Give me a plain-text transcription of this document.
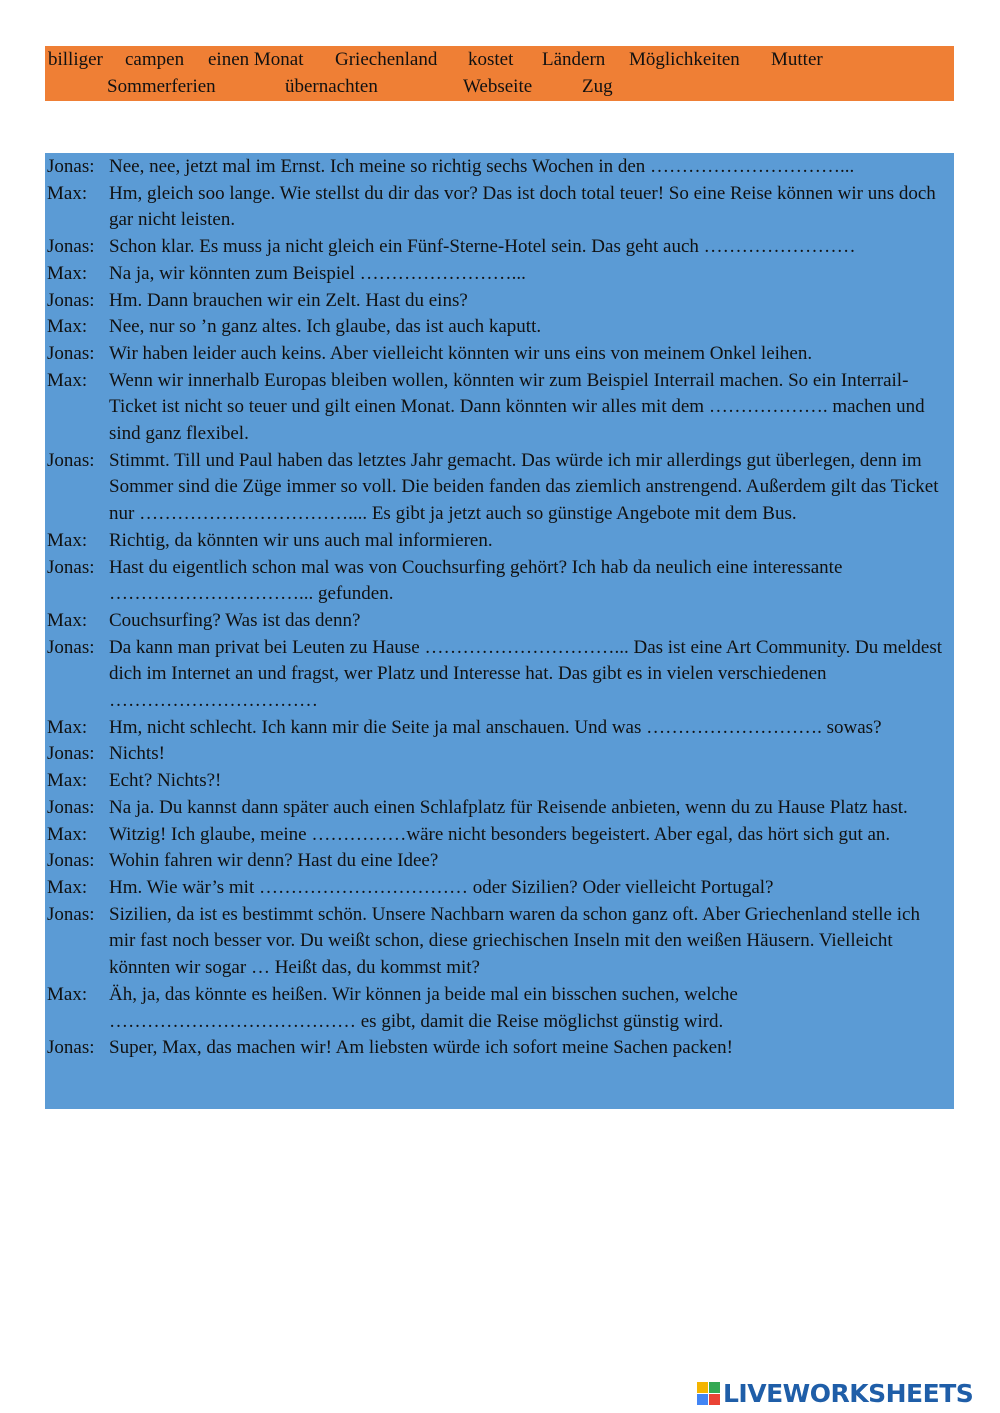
billiger campen einen Monat Griechenland kostet Ländern Möglichkeiten Mutter
Sommerferien	übernachten	Webseite	Zug
Jonas: Nee, nee, jetzt mal im Ernst. Ich meine so richtig sechs Wochen in den …………………………...
Max:	Hm, gleich soo lange. Wie stellst du dir das vor? Das ist doch total teuer! So eine Reise können wir uns doch gar nicht leisten.
Jonas: Schon klar. Es muss ja nicht gleich ein Fünf-Sterne-Hotel sein. Das geht auch ……………………
Max:	Na ja, wir könnten zum Beispiel ……………………...
Jonas: Hm. Dann brauchen wir ein Zelt. Hast du eins?
Max:	Nee, nur so ’n ganz altes. Ich glaube, das ist auch kaputt.
Jonas: Wir haben leider auch keins. Aber vielleicht könnten wir uns eins von meinem Onkel leihen.
Max:	Wenn wir innerhalb Europas bleiben wollen, könnten wir zum Beispiel Interrail machen. So ein Interrail-Ticket ist nicht so teuer und gilt einen Monat. Dann könnten wir alles mit dem ………………. machen und sind ganz flexibel.
Jonas: Stimmt. Till und Paul haben das letztes Jahr gemacht. Das würde ich mir allerdings gut überlegen, denn im Sommer sind die Züge immer so voll. Die beiden fanden das ziemlich anstrengend. Außerdem gilt das Ticket nur …………………………….... Es gibt ja jetzt auch so günstige Angebote mit dem Bus.
Max:	Richtig, da könnten wir uns auch mal informieren.
Jonas: Hast du eigentlich schon mal was von Couchsurfing gehört? Ich hab da neulich eine interessante …………………………... gefunden.
Max:	Couchsurfing? Was ist das denn?
Jonas: Da kann man privat bei Leuten zu Hause …………………………... Das ist eine Art Community. Du meldest dich im Internet an und fragst, wer Platz und Interesse hat. Das gibt es in vielen verschiedenen ……………………………
Max:	Hm, nicht schlecht. Ich kann mir die Seite ja mal anschauen. Und was ………………………. sowas?
Jonas: Nichts!
Max:	Echt? Nichts?!
Jonas: Na ja. Du kannst dann später auch einen Schlafplatz für Reisende anbieten, wenn du zu Hause Platz hast.
Max:	Witzig! Ich glaube, meine ……………wäre nicht besonders begeistert. Aber egal, das hört sich gut an.
Jonas: Wohin fahren wir denn? Hast du eine Idee?
Max:	Hm. Wie wär’s mit …………………………… oder Sizilien? Oder vielleicht Portugal?
Jonas: Sizilien, da ist es bestimmt schön. Unsere Nachbarn waren da schon ganz oft. Aber Griechenland stelle ich mir fast noch besser vor. Du weißt schon, diese griechischen Inseln mit den weißen Häusern. Vielleicht könnten wir sogar … Heißt das, du kommst mit?
Max:	Äh, ja, das könnte es heißen. Wir können ja beide mal ein bisschen suchen, welche ………………………………… es gibt, damit die Reise möglichst günstig wird.
Jonas: Super, Max, das machen wir! Am liebsten würde ich sofort meine Sachen packen!
LIVEWORKSHEETS
